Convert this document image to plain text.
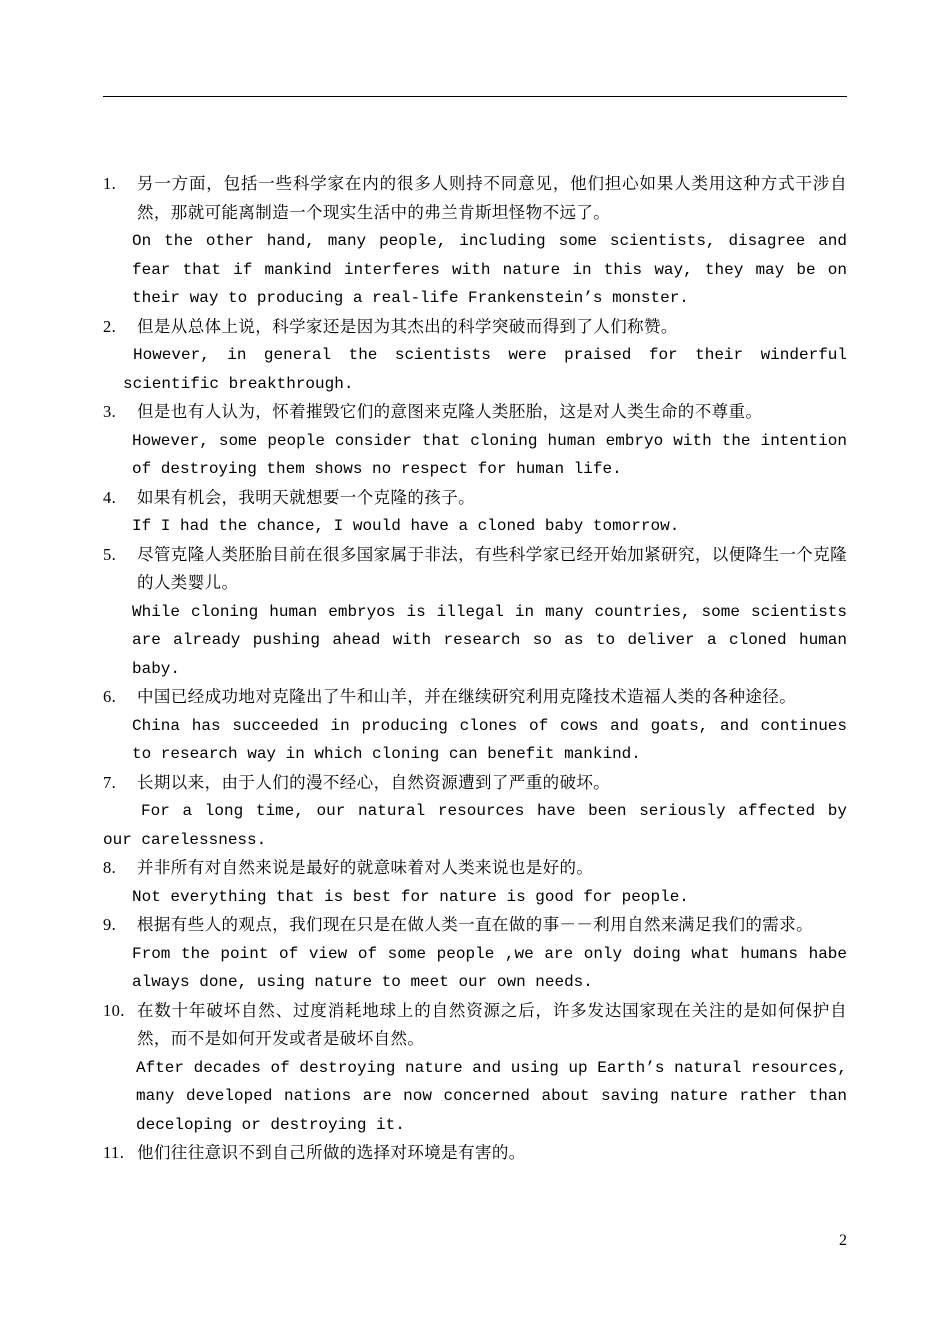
1. 另一方面，包括一些科学家在内的很多人则持不同意见，他们担心如果人类用这种方式干涉自然，那就可能离制造一个现实生活中的弗兰肯斯坦怪物不远了。
On the other hand, many people, including some scientists, disagree and fear that if mankind interferes with nature in this way, they may be on their way to producing a real-life Frankenstein’s monster.
2. 但是从总体上说，科学家还是因为其杰出的科学突破而得到了人们称赞。
However, in general the scientists were praised for their winderful scientific breakthrough.
3. 但是也有人认为，怀着摧毁它们的意图来克隆人类胚胎，这是对人类生命的不尊重。
However, some people consider that cloning human embryo with the intention of destroying them shows no respect for human life.
4. 如果有机会，我明天就想要一个克隆的孩子。
If I had the chance, I would have a cloned baby tomorrow.
5. 尽管克隆人类胚胎目前在很多国家属于非法，有些科学家已经开始加紧研究，以便降生一个克隆的人类婴儿。
While cloning human embryos is illegal in many countries, some scientists are already pushing ahead with research so as to deliver a cloned human baby.
6. 中国已经成功地对克隆出了牛和山羊，并在继续研究利用克隆技术造福人类的各种途径。
China has succeeded in producing clones of cows and goats, and continues to research way in which cloning can benefit mankind.
7. 长期以来，由于人们的漫不经心，自然资源遭到了严重的破坏。
For a long time, our natural resources have been seriously affected by our carelessness.
8. 并非所有对自然来说是最好的就意味着对人类来说也是好的。
Not everything that is best for nature is good for people.
9. 根据有些人的观点，我们现在只是在做人类一直在做的事－－利用自然来满足我们的需求。
From the point of view of some people ,we are only doing what humans habe always done, using nature to meet our own needs.
10. 在数十年破坏自然、过度消耗地球上的自然资源之后，许多发达国家现在关注的是如何保护自然，而不是如何开发或者是破坏自然。
After decades of destroying nature and using up Earth’s natural resources, many developed nations are now concerned about saving nature rather than deceloping or destroying it.
11. 他们往往意识不到自己所做的选择对环境是有害的。
2
